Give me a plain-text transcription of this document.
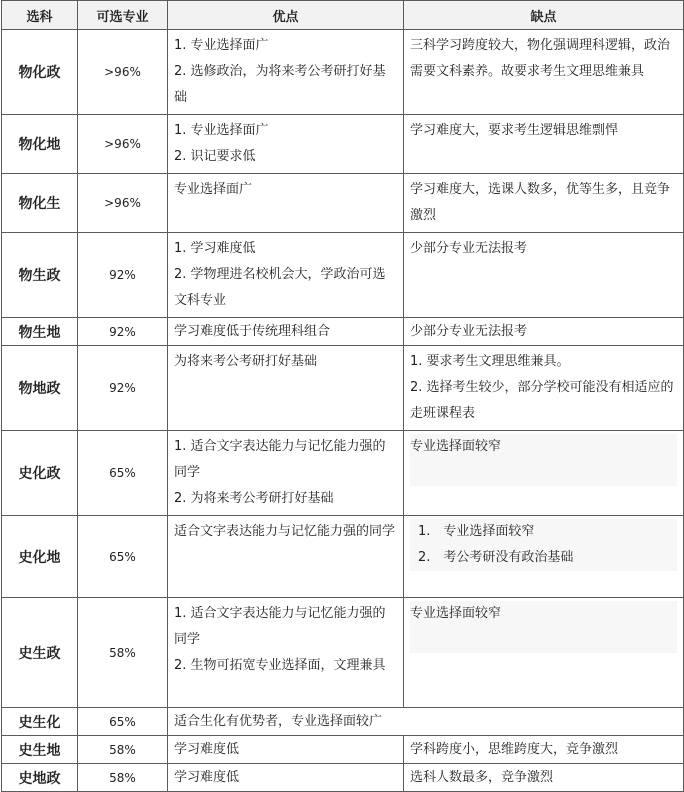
选科	可选专业	优点	缺点
物化政	>96%	1. 专业选择面广
2. 选修政治，为将来考公考研打好基础	三科学习跨度较大，物化强调理科逻辑，政治需要文科素养。故要求考生文理思维兼具

物化地	>96%	1. 专业选择面广
2. 识记要求低	学习难度大，要求考生逻辑思维剽悍

物化生	>96%	专业选择面广	学习难度大，选课人数多，优等生多，且竞争激烈

物生政	92%	1. 学习难度低
2. 学物理进名校机会大，学政治可选文科专业	少部分专业无法报考

物生地	92%	学习难度低于传统理科组合	少部分专业无法报考

物地政	92%	为将来考公考研打好基础	1. 要求考生文理思维兼具。
2. 选择考生较少，部分学校可能没有相适应的走班课程表

史化政	65%	1. 适合文字表达能力与记忆能力强的同学
2. 为将来考公考研打好基础	专业选择面较窄

史化地	65%	适合文字表达能力与记忆能力强的同学	1.　专业选择面较窄
2.　考公考研没有政治基础

史生政	58%	1. 适合文字表达能力与记忆能力强的同学
2. 生物可拓宽专业选择面，文理兼具	专业选择面较窄

史生化	65%	适合生化有优势者，专业选择面较广	
史生地	58%	学习难度低	学科跨度小，思维跨度大，竞争激烈

史地政	58%	学习难度低	选科人数最多，竞争激烈
